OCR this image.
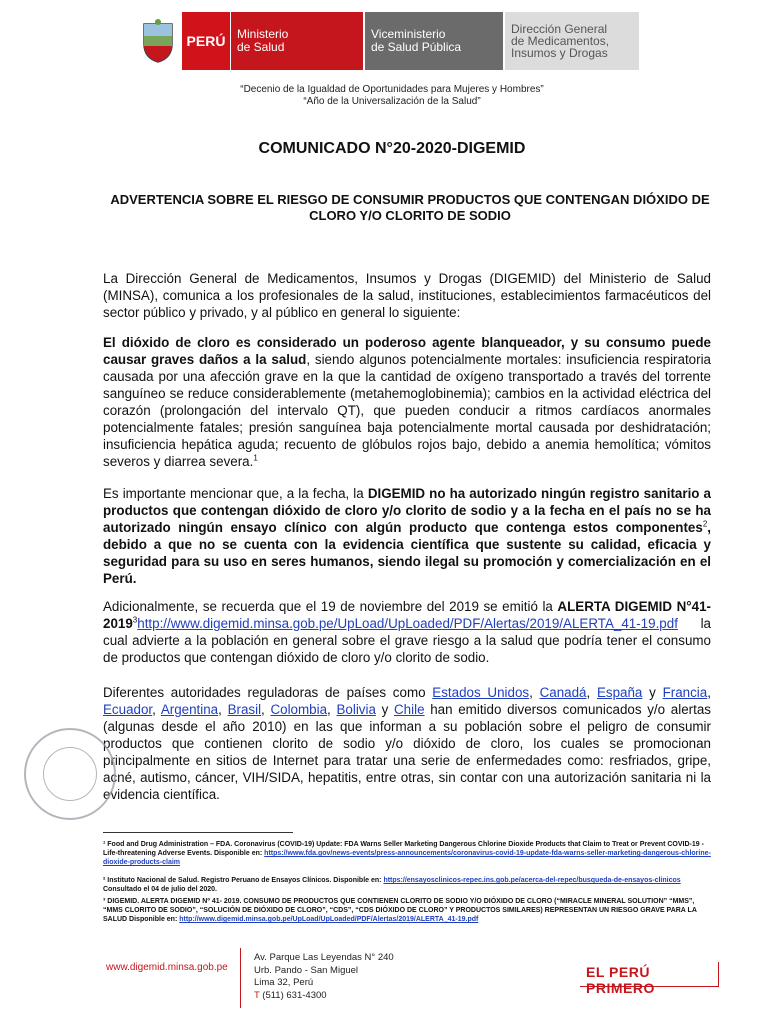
PERÚ Ministerio
de Salud
Viceministerio
de Salud Pública
Dirección General
de Medicamentos,
Insumos y Drogas
“Decenio de la Igualdad de Oportunidades para Mujeres y Hombres”
“Año de la Universalización de la Salud”
COMUNICADO N°20-2020-DIGEMID
ADVERTENCIA SOBRE EL RIESGO DE CONSUMIR PRODUCTOS QUE CONTENGAN DIÓXIDO DE CLORO Y/O CLORITO DE SODIO
La Dirección General de Medicamentos, Insumos y Drogas (DIGEMID) del Ministerio de Salud (MINSA), comunica a los profesionales de la salud, instituciones, establecimientos farmacéuticos del sector público y privado, y al público en general lo siguiente:
El dióxido de cloro es considerado un poderoso agente blanqueador, y su consumo puede causar graves daños a la salud, siendo algunos potencialmente mortales: insuficiencia respiratoria causada por una afección grave en la que la cantidad de oxígeno transportado a través del torrente sanguíneo se reduce considerablemente (metahemoglobinemia); cambios en la actividad eléctrica del corazón (prolongación del intervalo QT), que pueden conducir a ritmos cardíacos anormales potencialmente fatales; presión sanguínea baja potencialmente mortal causada por deshidratación; insuficiencia hepática aguda; recuento de glóbulos rojos bajo, debido a anemia hemolítica; vómitos severos y diarrea severa.$^1$
Es importante mencionar que, a la fecha, la DIGEMID no ha autorizado ningún registro sanitario a productos que contengan dióxido de cloro y/o clorito de sodio y a la fecha en el país no se ha autorizado ningún ensayo clínico con algún producto que contenga estos componentes$^2$, debido a que no se cuenta con la evidencia científica que sustente su calidad, eficacia y seguridad para su uso en seres humanos, siendo ilegal su promoción y comercialización en el Perú.
Adicionalmente, se recuerda que el 19 de noviembre del 2019 se emitió la ALERTA DIGEMID N°41-2019$^3$http://www.digemid.minsa.gob.pe/UpLoad/UpLoaded/PDF/Alertas/2019/ALERTA_41-19.pdf la cual advierte a la población en general sobre el grave riesgo a la salud que podría tener el consumo de productos que contengan dióxido de cloro y/o clorito de sodio.
Diferentes autoridades reguladoras de países como Estados Unidos, Canadá, España y Francia, Ecuador, Argentina, Brasil, Colombia, Bolivia y Chile han emitido diversos comunicados y/o alertas (algunas desde el año 2010) en las que informan a su población sobre el peligro de consumir productos que contienen clorito de sodio y/o dióxido de cloro, los cuales se promocionan principalmente en sitios de Internet para tratar una serie de enfermedades como: resfriados, gripe, acné, autismo, cáncer, VIH/SIDA, hepatitis, entre otras, sin contar con una autorización sanitaria ni la evidencia científica.
¹ Food and Drug Administration – FDA. Coronavirus (COVID-19) Update: FDA Warns Seller Marketing Dangerous Chlorine Dioxide Products that Claim to Treat or Prevent COVID-19 - Life-threatening Adverse Events. Disponible en: https://www.fda.gov/news-events/press-announcements/coronavirus-covid-19-update-fda-warns-seller-marketing-dangerous-chlorine-dioxide-products-claim
² Instituto Nacional de Salud. Registro Peruano de Ensayos Clínicos. Disponible en: https://ensayosclinicos-repec.ins.gob.pe/acerca-del-repec/busqueda-de-ensayos-clinicos Consultado el 04 de julio del 2020.
³ DIGEMID. ALERTA DIGEMID Nº 41- 2019. CONSUMO DE PRODUCTOS QUE CONTIENEN CLORITO DE SODIO Y/O DIÓXIDO DE CLORO (“MIRACLE MINERAL SOLUTION” “MMS”, “MMS CLORITO DE SODIO”, “SOLUCIÓN DE DIÓXIDO DE CLORO”, “CDS”, “CDS DIÓXIDO DE CLORO” Y PRODUCTOS SIMILARES) REPRESENTAN UN RIESGO GRAVE PARA LA SALUD Disponible en: http://www.digemid.minsa.gob.pe/UpLoad/UpLoaded/PDF/Alertas/2019/ALERTA_41-19.pdf
www.digemid.minsa.gob.pe
Av. Parque Las Leyendas N° 240
Urb. Pando - San Miguel
Lima 32, Perú
T (511) 631-4300
EL PERÚ PRIMERO
